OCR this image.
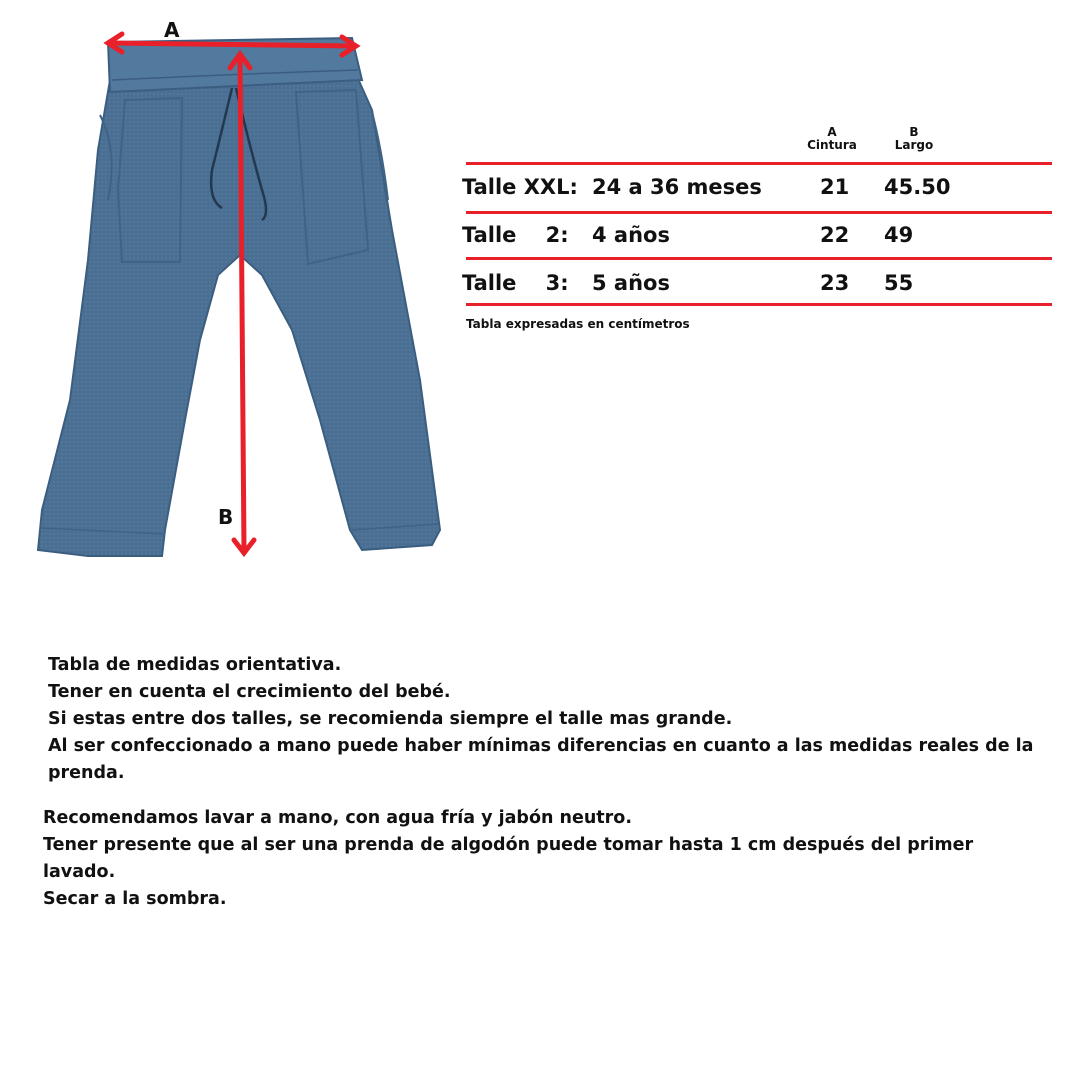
A
B
A
Cintura
B
Largo
Talle XXL: 24 a 36 meses	21 45.50
Talle    2: 4 años	22 49
Talle    3: 5 años	23 55
Tabla expresadas en centímetros

Tabla de medidas orientativa.

Tener en cuenta el crecimiento del bebé.

Si estas entre dos talles, se recomienda siempre el talle mas grande.

Al ser confeccionado a mano puede haber mínimas diferencias en cuanto a las medidas reales de la prenda.

Recomendamos lavar a mano, con agua fría y jabón neutro.

Tener presente que al ser una prenda de algodón puede tomar hasta 1 cm después del primer lavado.

Secar a la sombra.
